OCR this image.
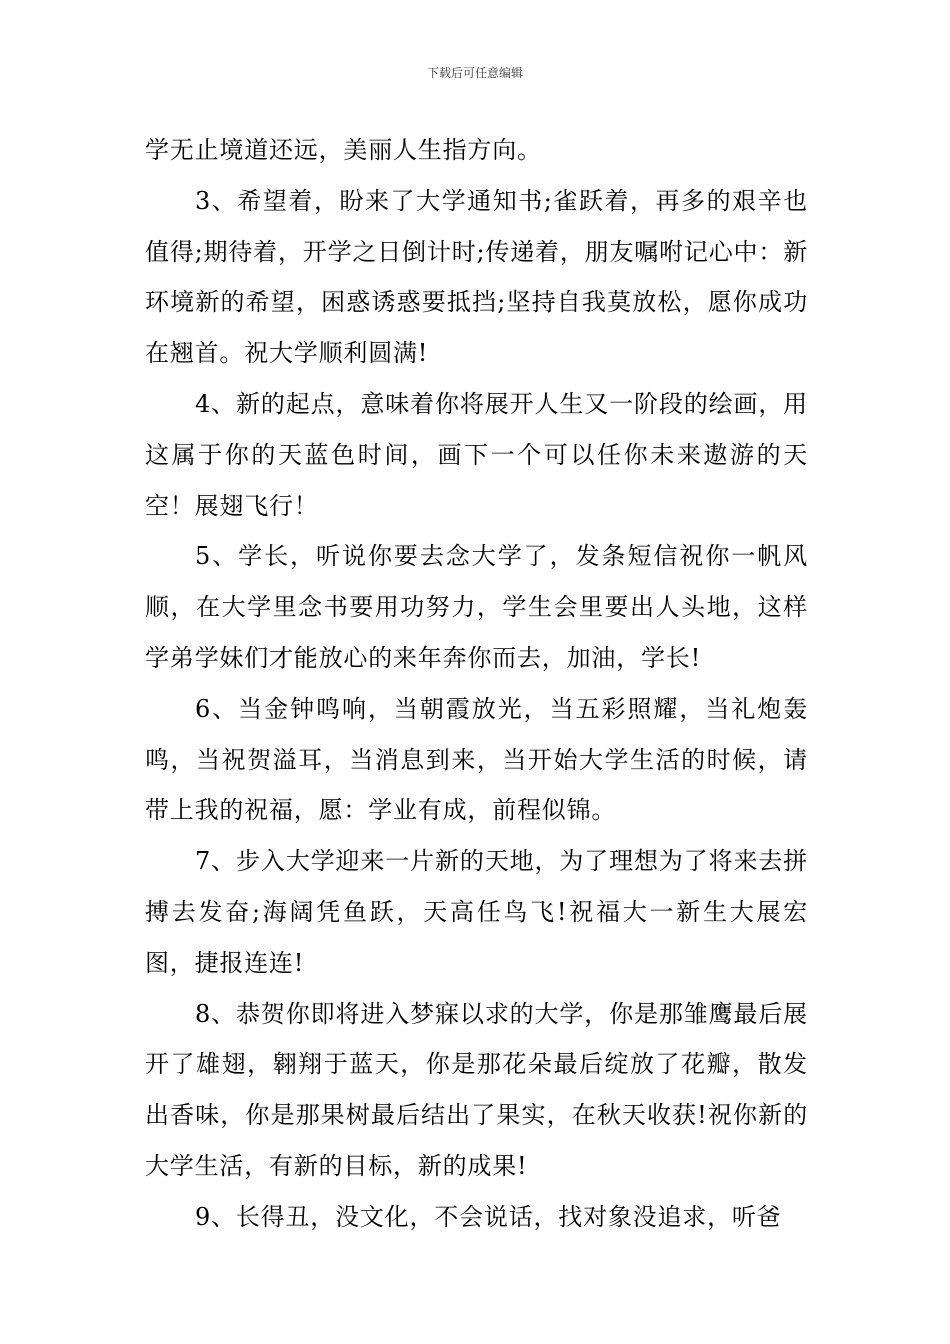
下载后可任意编辑

学无止境道还远，美丽人生指方向。

3、希望着，盼来了大学通知书;雀跃着，再多的艰辛也值得;期待着，开学之日倒计时;传递着，朋友嘱咐记心中：新环境新的希望，困惑诱惑要抵挡;坚持自我莫放松，愿你成功在翘首。祝大学顺利圆满!

4、新的起点，意味着你将展开人生又一阶段的绘画，用这属于你的天蓝色时间，画下一个可以任你未来遨游的天空！展翅飞行！

5、学长，听说你要去念大学了，发条短信祝你一帆风顺，在大学里念书要用功努力，学生会里要出人头地，这样学弟学妹们才能放心的来年奔你而去，加油，学长!

6、当金钟鸣响，当朝霞放光，当五彩照耀，当礼炮轰鸣，当祝贺溢耳，当消息到来，当开始大学生活的时候，请带上我的祝福，愿：学业有成，前程似锦。

7、步入大学迎来一片新的天地，为了理想为了将来去拼搏去发奋;海阔凭鱼跃，天高任鸟飞!祝福大一新生大展宏图，捷报连连!

8、恭贺你即将进入梦寐以求的大学，你是那雏鹰最后展开了雄翅，翱翔于蓝天，你是那花朵最后绽放了花瓣，散发出香味，你是那果树最后结出了果实，在秋天收获!祝你新的大学生活，有新的目标，新的成果!

9、长得丑，没文化，不会说话，找对象没追求，听爸
